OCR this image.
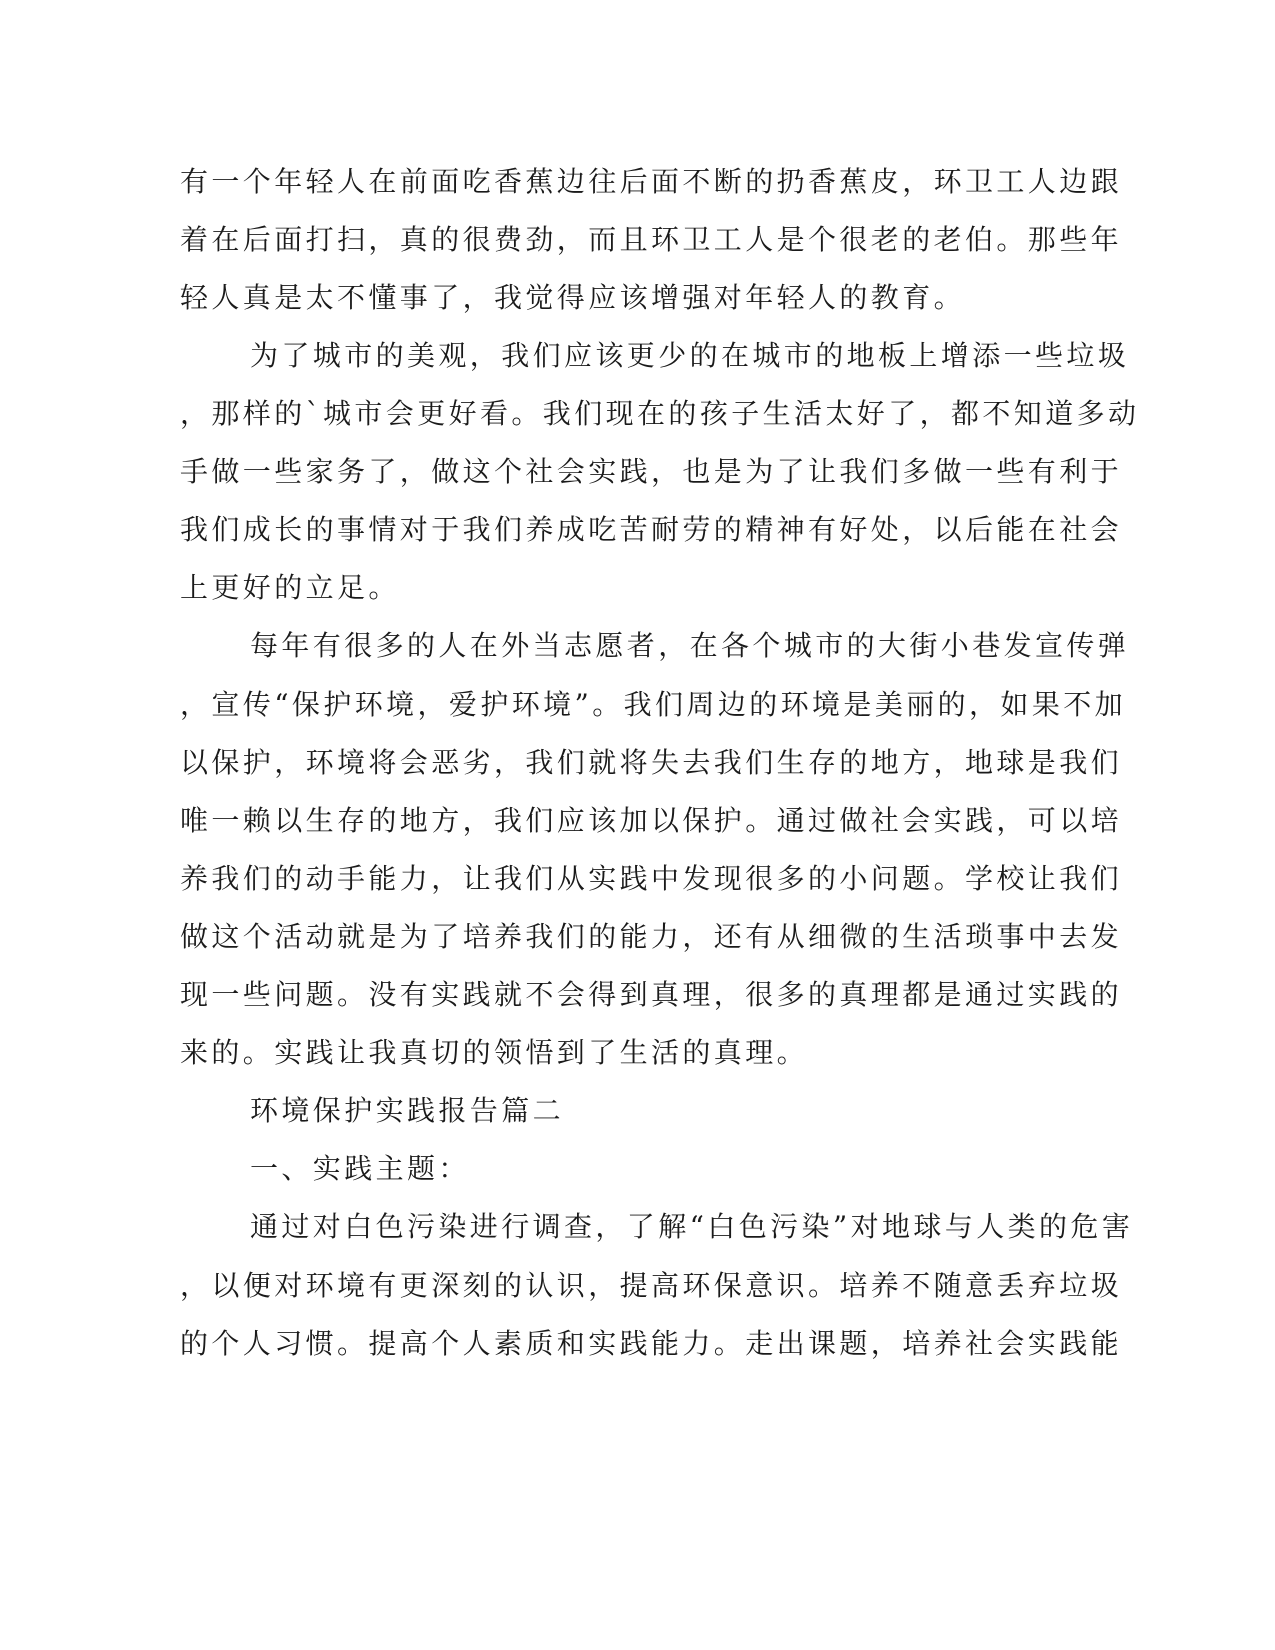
有一个年轻人在前面吃香蕉边往后面不断的扔香蕉皮，环卫工人边跟
着在后面打扫，真的很费劲，而且环卫工人是个很老的老伯。那些年
轻人真是太不懂事了，我觉得应该增强对年轻人的教育。
为了城市的美观，我们应该更少的在城市的地板上增添一些垃圾
，那样的`城市会更好看。我们现在的孩子生活太好了，都不知道多动
手做一些家务了，做这个社会实践，也是为了让我们多做一些有利于
我们成长的事情对于我们养成吃苦耐劳的精神有好处，以后能在社会
上更好的立足。
每年有很多的人在外当志愿者，在各个城市的大街小巷发宣传弹
，宣传“保护环境，爱护环境”。我们周边的环境是美丽的，如果不加
以保护，环境将会恶劣，我们就将失去我们生存的地方，地球是我们
唯一赖以生存的地方，我们应该加以保护。通过做社会实践，可以培
养我们的动手能力，让我们从实践中发现很多的小问题。学校让我们
做这个活动就是为了培养我们的能力，还有从细微的生活琐事中去发
现一些问题。没有实践就不会得到真理，很多的真理都是通过实践的
来的。实践让我真切的领悟到了生活的真理。
环境保护实践报告篇二
一、实践主题：
通过对白色污染进行调查，了解“白色污染”对地球与人类的危害
，以便对环境有更深刻的认识，提高环保意识。培养不随意丢弃垃圾
的个人习惯。提高个人素质和实践能力。走出课题，培养社会实践能
